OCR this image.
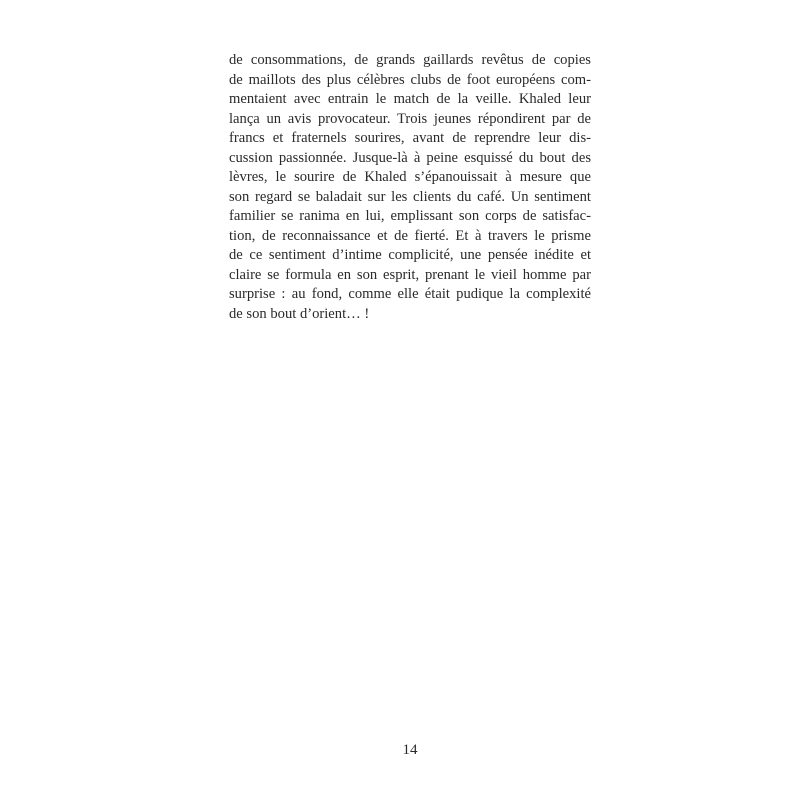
de consommations, de grands gaillards revêtus de copies
de maillots des plus célèbres clubs de foot européens com-
mentaient avec entrain le match de la veille. Khaled leur
lança un avis provocateur. Trois jeunes répondirent par de
francs et fraternels sourires, avant de reprendre leur dis-
cussion passionnée. Jusque-là à peine esquissé du bout des
lèvres, le sourire de Khaled s’épanouissait à mesure que
son regard se baladait sur les clients du café. Un sentiment
familier se ranima en lui, emplissant son corps de satisfac-
tion, de reconnaissance et de fierté. Et à travers le prisme
de ce sentiment d’intime complicité, une pensée inédite et
claire se formula en son esprit, prenant le vieil homme par
surprise : au fond, comme elle était pudique la complexité
de son bout d’orient… !
14
